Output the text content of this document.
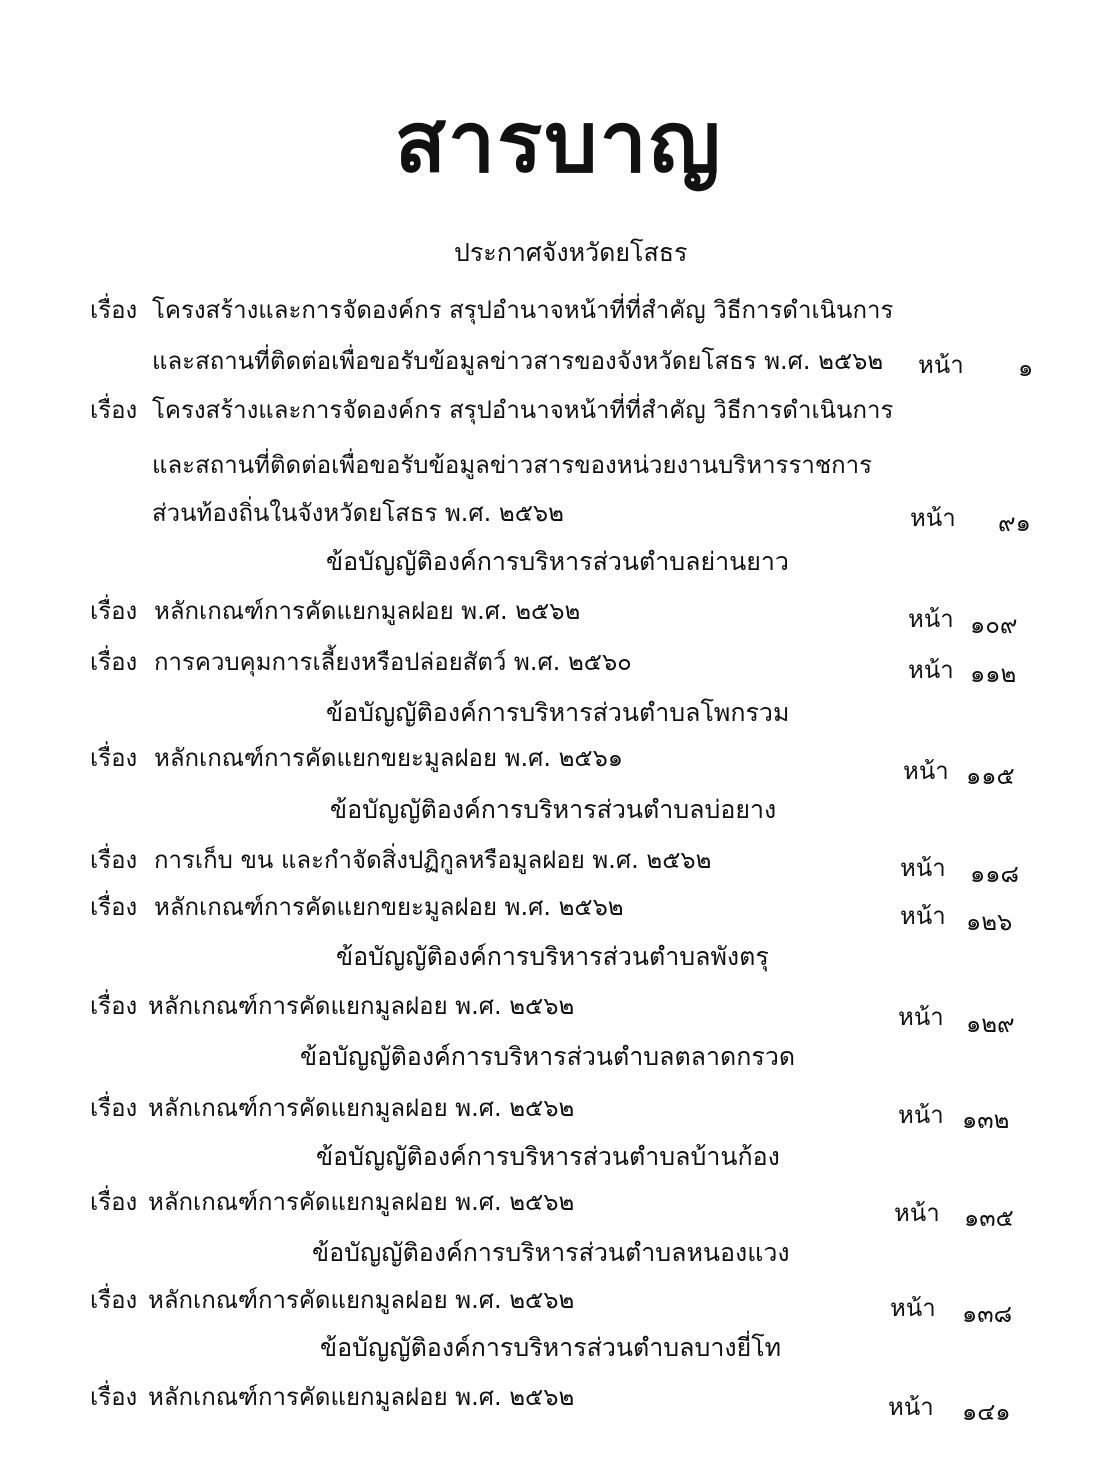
สารบาญ
ประกาศจังหวัดยโสธร
เรื่อง โครงสร้างและการจัดองค์กร สรุปอำนาจหน้าที่ที่สำคัญ วิธีการดำเนินการ
และสถานที่ติดต่อเพื่อขอรับข้อมูลข่าวสารของจังหวัดยโสธร พ.ศ. ๒๕๖๒ หน้า ๑
เรื่อง โครงสร้างและการจัดองค์กร สรุปอำนาจหน้าที่ที่สำคัญ วิธีการดำเนินการ
และสถานที่ติดต่อเพื่อขอรับข้อมูลข่าวสารของหน่วยงานบริหารราชการ
ส่วนท้องถิ่นในจังหวัดยโสธร พ.ศ. ๒๕๖๒	หน้า ๙๑
ข้อบัญญัติองค์การบริหารส่วนตำบลย่านยาว
เรื่อง หลักเกณฑ์การคัดแยกมูลฝอย พ.ศ. ๒๕๖๒	หน้า ๑๐๙
เรื่อง การควบคุมการเลี้ยงหรือปล่อยสัตว์ พ.ศ. ๒๕๖๐	หน้า ๑๑๒
ข้อบัญญัติองค์การบริหารส่วนตำบลโพกรวม
เรื่อง หลักเกณฑ์การคัดแยกขยะมูลฝอย พ.ศ. ๒๕๖๑	หน้า ๑๑๕
ข้อบัญญัติองค์การบริหารส่วนตำบลบ่อยาง
เรื่อง การเก็บ ขน และกำจัดสิ่งปฏิกูลหรือมูลฝอย พ.ศ. ๒๕๖๒	หน้า ๑๑๘
เรื่อง หลักเกณฑ์การคัดแยกขยะมูลฝอย พ.ศ. ๒๕๖๒	หน้า ๑๒๖
ข้อบัญญัติองค์การบริหารส่วนตำบลพังตรุ
เรื่อง หลักเกณฑ์การคัดแยกมูลฝอย พ.ศ. ๒๕๖๒	หน้า ๑๒๙
ข้อบัญญัติองค์การบริหารส่วนตำบลตลาดกรวด
เรื่อง หลักเกณฑ์การคัดแยกมูลฝอย พ.ศ. ๒๕๖๒	หน้า ๑๓๒
ข้อบัญญัติองค์การบริหารส่วนตำบลบ้านก้อง
เรื่อง หลักเกณฑ์การคัดแยกมูลฝอย พ.ศ. ๒๕๖๒	หน้า ๑๓๕
ข้อบัญญัติองค์การบริหารส่วนตำบลหนองแวง
เรื่อง หลักเกณฑ์การคัดแยกมูลฝอย พ.ศ. ๒๕๖๒	หน้า ๑๓๘
ข้อบัญญัติองค์การบริหารส่วนตำบลบางยี่โท
เรื่อง หลักเกณฑ์การคัดแยกมูลฝอย พ.ศ. ๒๕๖๒	หน้า ๑๔๑
